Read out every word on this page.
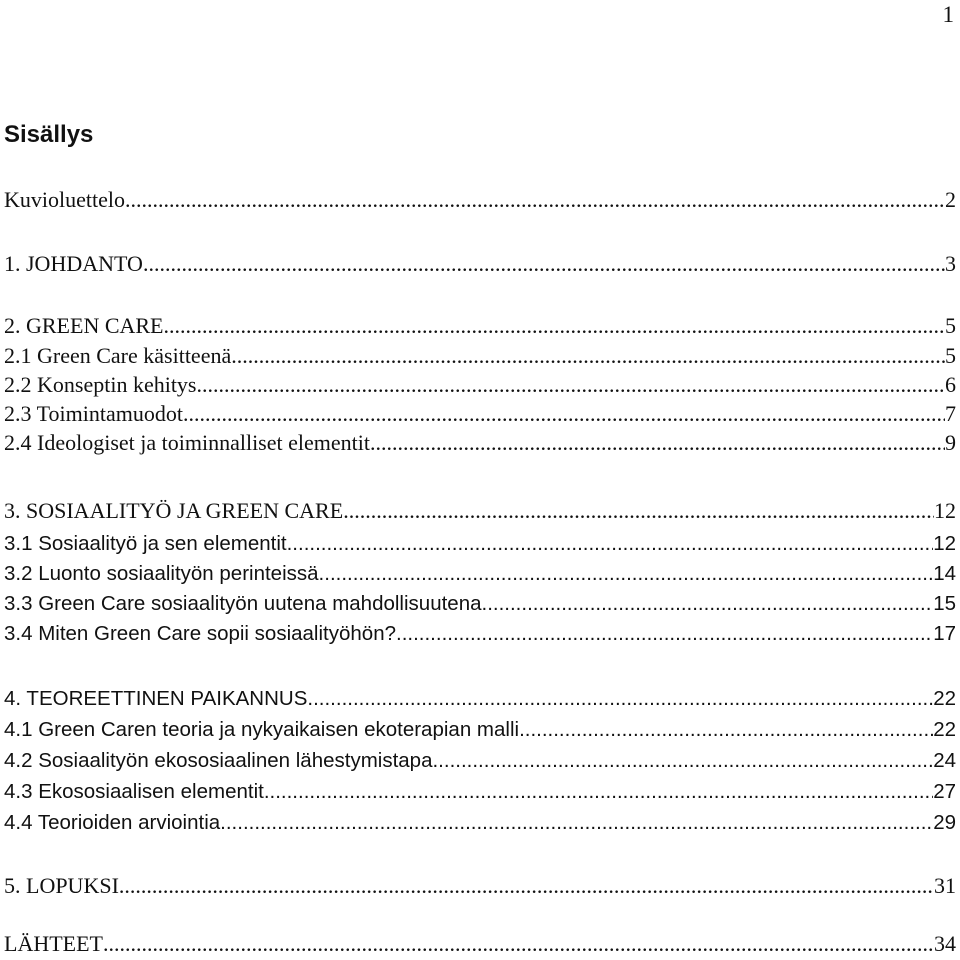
1
Sisällys
Kuvioluettelo .....	2
1. JOHDANTO .....	3
2. GREEN CARE .....	5
2.1 Green Care käsitteenä .....	5
2.2 Konseptin kehitys .....	6
2.3 Toimintamuodot .....	7
2.4 Ideologiset ja toiminnalliset elementit .....	9
3. SOSIAALITYÖ JA GREEN CARE .....	12
3.1 Sosiaalityö ja sen elementit .....	12
3.2 Luonto sosiaalityön perinteissä .....	14
3.3 Green Care sosiaalityön uutena mahdollisuutena .....	15
3.4 Miten Green Care sopii sosiaalityöhön? .....	17
4. TEOREETTINEN PAIKANNUS .....	22
4.1 Green Caren teoria ja nykyaikaisen ekoterapian malli .....	22
4.2 Sosiaalityön ekososiaalinen lähestymistapa .....	24
4.3 Ekososiaalisen elementit .....	27
4.4 Teorioiden arviointia .....	29
5. LOPUKSI .....	31
LÄHTEET .....	34
